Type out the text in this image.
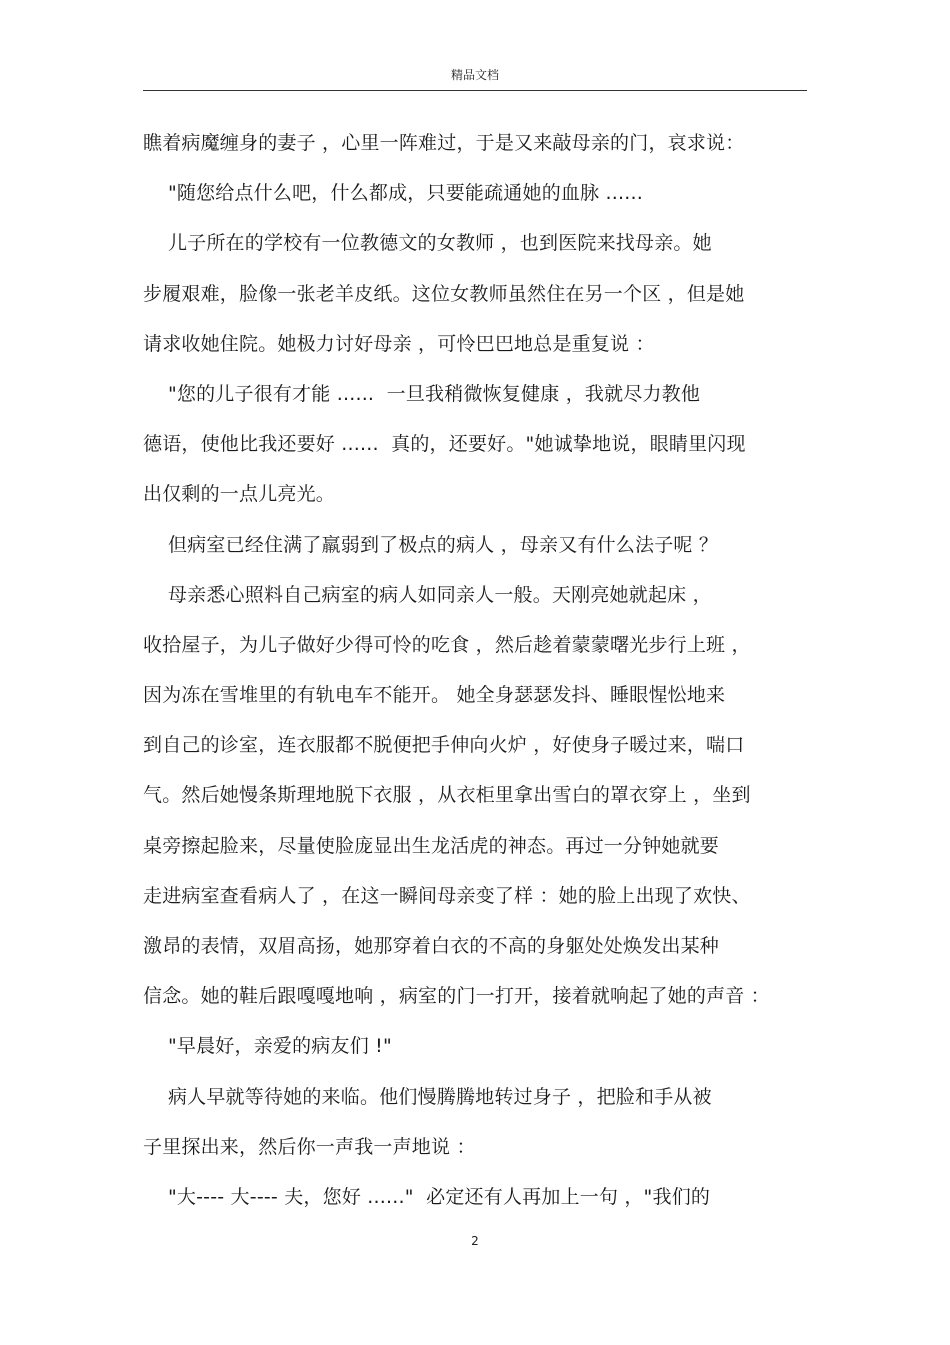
精品文档
瞧着病魔缠身的妻子 ，心里一阵难过，于是又来敲母亲的门，哀求说：
"随您给点什么吧，什么都成，只要能疏通她的血脉 ......
儿子所在的学校有一位教德文的女教师 ，也到医院来找母亲。她
步履艰难，脸像一张老羊皮纸。这位女教师虽然住在另一个区 ，但是她
请求收她住院。她极力讨好母亲 ，可怜巴巴地总是重复说 ：
"您的儿子很有才能 ......  一旦我稍微恢复健康 ，我就尽力教他
德语，使他比我还要好 ......  真的，还要好。"她诚挚地说，眼睛里闪现
出仅剩的一点儿亮光。
但病室已经住满了羸弱到了极点的病人 ，母亲又有什么法子呢 ？
母亲悉心照料自己病室的病人如同亲人一般。天刚亮她就起床 ，
收拾屋子，为儿子做好少得可怜的吃食 ，然后趁着蒙蒙曙光步行上班 ，
因为冻在雪堆里的有轨电车不能开。 她全身瑟瑟发抖、睡眼惺忪地来
到自己的诊室，连衣服都不脱便把手伸向火炉 ，好使身子暖过来，喘口
气。然后她慢条斯理地脱下衣服 ，从衣柜里拿出雪白的罩衣穿上 ，坐到
桌旁擦起脸来，尽量使脸庞显出生龙活虎的神态。再过一分钟她就要
走进病室查看病人了 ，在这一瞬间母亲变了样 ：她的脸上出现了欢快、
激昂的表情，双眉高扬，她那穿着白衣的不高的身躯处处焕发出某种
信念。她的鞋后跟嘎嘎地响 ，病室的门一打开，接着就响起了她的声音 ：
"早晨好，亲爱的病友们 !"
病人早就等待她的来临。他们慢腾腾地转过身子 ，把脸和手从被
子里探出来，然后你一声我一声地说 ：
"大---- 大---- 夫，您好 ......"  必定还有人再加上一句 ，"我们的
2
